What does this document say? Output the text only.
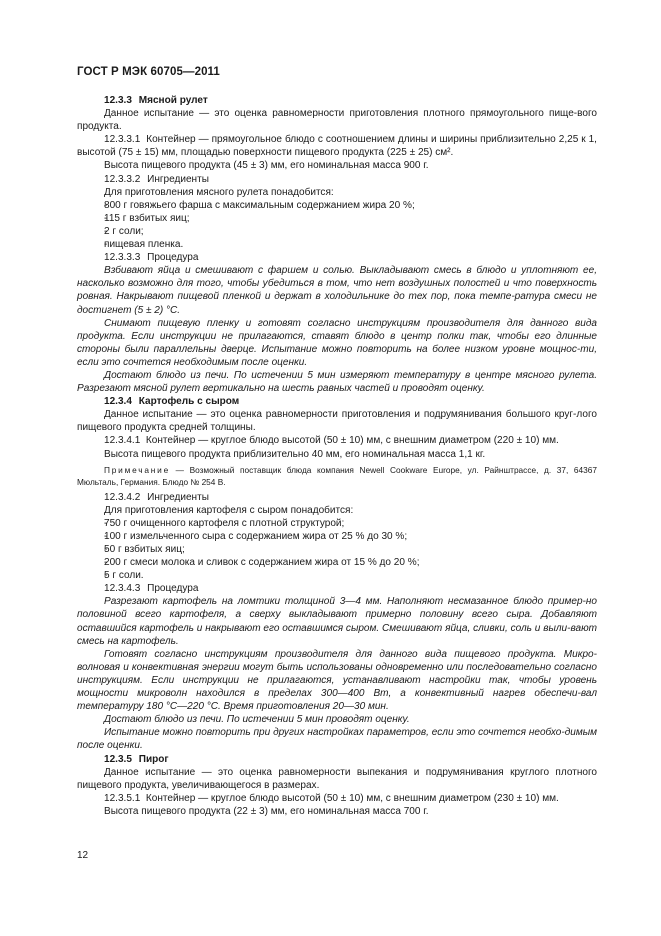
ГОСТ Р МЭК 60705—2011

12.3.3 Мясной рулет

Данное испытание — это оценка равномерности приготовления плотного прямоугольного пище-вого продукта.

12.3.3.1 Контейнер — прямоугольное блюдо с соотношением длины и ширины приблизительно 2,25 к 1, высотой (75 ± 15) мм, площадью поверхности пищевого продукта (225 ± 25) см².

Высота пищевого продукта (45 ± 3) мм, его номинальная масса 900 г.

12.3.3.2 Ингредиенты

Для приготовления мясного рулета понадобится:

-800 г говяжьего фарша с максимальным содержанием жира 20 %;

-115 г взбитых яиц;

-2 г соли;

-пищевая пленка.

12.3.3.3 Процедура

Взбивают яйца и смешивают с фаршем и солью. Выкладывают смесь в блюдо и уплотняют ее, насколько возможно для того, чтобы убедиться в том, что нет воздушных полостей и что поверхность ровная. Накрывают пищевой пленкой и держат в холодильнике до тех пор, пока темпе-ратура смеси не достигнет (5 ± 2) °C.

Снимают пищевую пленку и готовят согласно инструкциям производителя для данного вида продукта. Если инструкции не прилагаются, ставят блюдо в центр полки так, чтобы его длинные стороны были параллельны дверце. Испытание можно повторить на более низком уровне мощнос-ти, если это сочтется необходимым после оценки.

Достают блюдо из печи. По истечении 5 мин измеряют температуру в центре мясного рулета. Разрезают мясной рулет вертикально на шесть равных частей и проводят оценку.

12.3.4 Картофель с сыром

Данное испытание — это оценка равномерности приготовления и подрумянивания большого круг-лого пищевого продукта средней толщины.

12.3.4.1 Контейнер — круглое блюдо высотой (50 ± 10) мм, с внешним диаметром (220 ± 10) мм.

Высота пищевого продукта приблизительно 40 мм, его номинальная масса 1,1 кг.

Примечание — Возможный поставщик блюда компания Newell Cookware Europe, ул. Райнштрассе, д. 37, 64367 Мюльталь, Германия. Блюдо № 254 В.

12.3.4.2 Ингредиенты

Для приготовления картофеля с сыром понадобится:

-750 г очищенного картофеля с плотной структурой;

-100 г измельченного сыра с содержанием жира от 25 % до 30 %;

-50 г взбитых яиц;

-200 г смеси молока и сливок с содержанием жира от 15 % до 20 %;

-5 г соли.

12.3.4.3 Процедура

Разрезают картофель на ломтики толщиной 3—4 мм. Наполняют несмазанное блюдо пример-но половиной всего картофеля, а сверху выкладывают примерно половину всего сыра. Добавляют оставшийся картофель и накрывают его оставшимся сыром. Смешивают яйца, сливки, соль и выли-вают смесь на картофель.

Готовят согласно инструкциям производителя для данного вида пищевого продукта. Микро-волновая и конвективная энергии могут быть использованы одновременно или последовательно согласно инструкциям. Если инструкции не прилагаются, устанавливают настройки так, чтобы уровень мощности микроволн находился в пределах 300—400 Вт, а конвективный нагрев обеспечи-вал температуру 180 °C—220 °C. Время приготовления 20—30 мин.

Достают блюдо из печи. По истечении 5 мин проводят оценку.

Испытание можно повторить при других настройках параметров, если это сочтется необхо-димым после оценки.

12.3.5 Пирог

Данное испытание — это оценка равномерности выпекания и подрумянивания круглого плотного пищевого продукта, увеличивающегося в размерах.

12.3.5.1 Контейнер — круглое блюдо высотой (50 ± 10) мм, с внешним диаметром (230 ± 10) мм.

Высота пищевого продукта (22 ± 3) мм, его номинальная масса 700 г.

12
